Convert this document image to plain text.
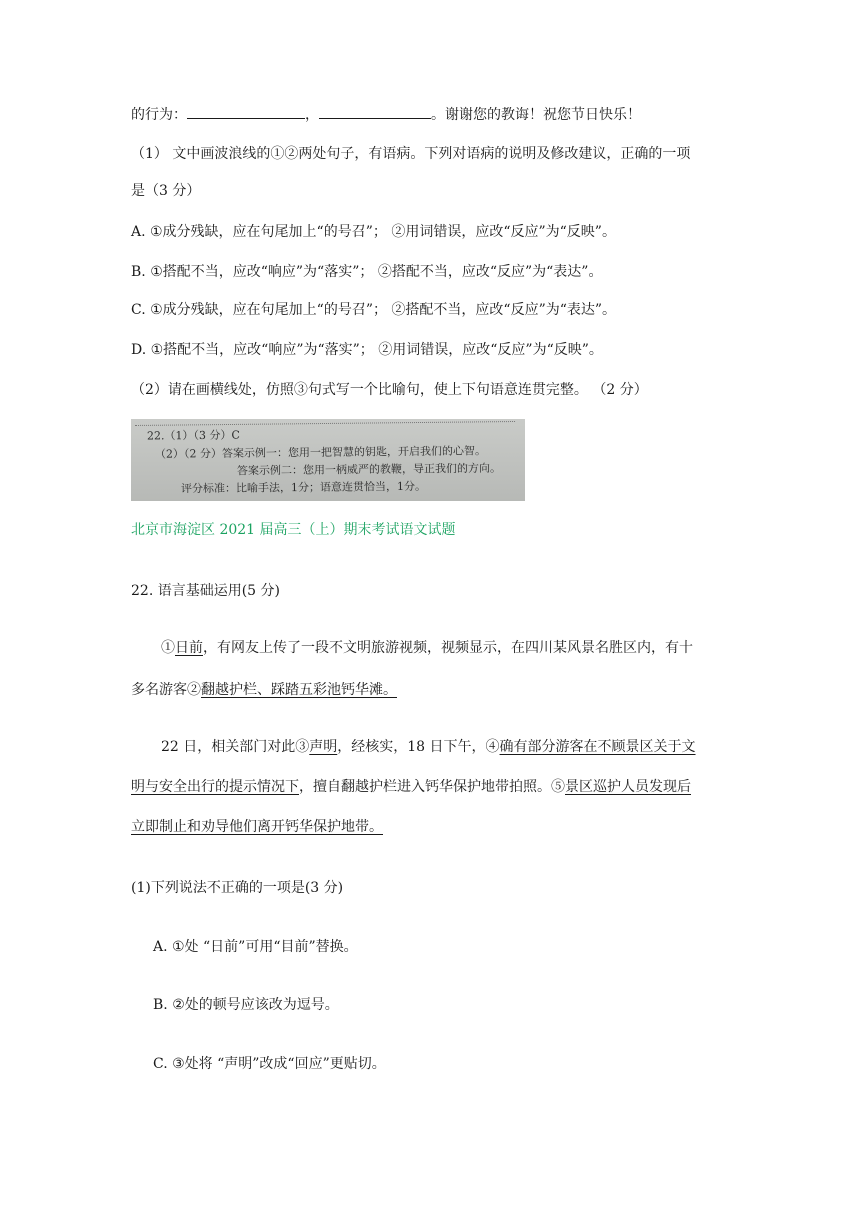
的行为：	，	。谢谢您的教诲！祝您节日快乐！
（1） 文中画波浪线的①②两处句子，有语病。下列对语病的说明及修改建议，正确的一项
是（3 分）
A. ①成分残缺，应在句尾加上“的号召”； ②用词错误，应改“反应”为“反映”。
B. ①搭配不当，应改“响应”为“落实”； ②搭配不当，应改“反应”为“表达”。
C. ①成分残缺，应在句尾加上“的号召”； ②搭配不当，应改“反应”为“表达”。
D. ①搭配不当，应改“响应”为“落实”； ②用词错误，应改“反应”为“反映”。
（2）请在画横线处，仿照③句式写一个比喻句，使上下句语意连贯完整。 （2 分）
22.（1）（3 分）C
（2）（2 分）答案示例一：您用一把智慧的钥匙，开启我们的心智。
答案示例二：您用一柄威严的教鞭，导正我们的方向。
评分标准：比喻手法，1分；语意连贯恰当，1分。
北京市海淀区 2021 届高三（上）期末考试语文试题
22. 语言基础运用(5 分)
①日前，有网友上传了一段不文明旅游视频，视频显示，在四川某风景名胜区内，有十
多名游客②翻越护栏、踩踏五彩池钙华滩。
22 日，相关部门对此③声明，经核实，18 日下午，④确有部分游客在不顾景区关于文
明与安全出行的提示情况下，擅自翻越护栏进入钙华保护地带拍照。⑤景区巡护人员发现后
立即制止和劝导他们离开钙华保护地带。
(1)下列说法不正确的一项是(3 分)
A. ①处 “日前”可用“目前”替换。
B. ②处的顿号应该改为逗号。
C. ③处将 “声明”改成“回应”更贴切。
